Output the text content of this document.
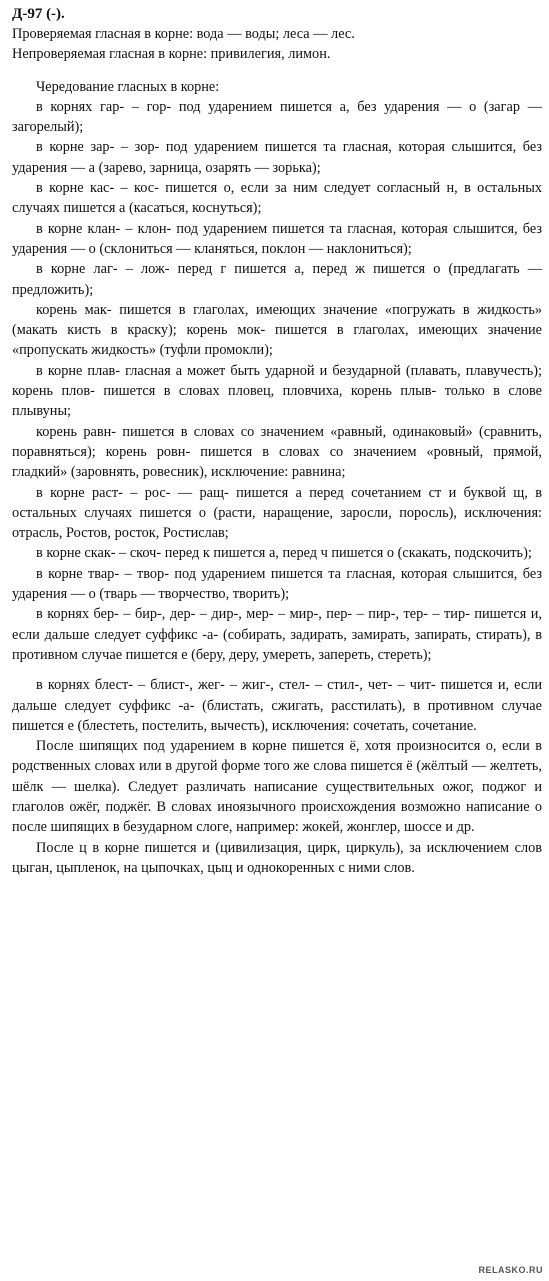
Д-97 (-).

Проверяемая гласная в корне: вода — воды; леса — лес.

Непроверяемая гласная в корне: привилегия, лимон.

Чередование гласных в корне:

в корнях гар- – гор- под ударением пишется а, без ударения — о (загар — загорелый);

в корне зар- – зор- под ударением пишется та гласная, которая слышится, без ударения — а (зарево, зарница, озарять — зорька);

в корне кас- – кос- пишется о, если за ним следует согласный н, в остальных случаях пишется а (касаться, коснуться);

в корне клан- – клон- под ударением пишется та гласная, которая слышится, без ударения — о (склониться — кланяться, поклон — наклониться);

в корне лаг- – лож- перед г пишется а, перед ж пишется о (предлагать — предложить);

корень мак- пишется в глаголах, имеющих значение «погружать в жидкость» (макать кисть в краску); корень мок- пишется в глаголах, имеющих значение «пропускать жидкость» (туфли промокли);

в корне плав- гласная а может быть ударной и безударной (плавать, плавучесть); корень плов- пишется в словах пловец, пловчиха, корень плыв- только в слове плывуны;

корень равн- пишется в словах со значением «равный, одинаковый» (сравнить, поравняться); корень ровн- пишется в словах со значением «ровный, прямой, гладкий» (заровнять, ровесник), исключение: равнина;

в корне раст- – рос- — ращ- пишется а перед сочетанием ст и буквой щ, в остальных случаях пишется о (расти, наращение, заросли, поросль), исключения: отрасль, Ростов, росток, Ростислав;

в корне скак- – скоч- перед к пишется а, перед ч пишется о (скакать, подскочить);

в корне твар- – твор- под ударением пишется та гласная, которая слышится, без ударения — о (тварь — творчество, творить);

в корнях бер- – бир-, дер- – дир-, мер- – мир-, пер- – пир-, тер- – тир- пишется и, если дальше следует суффикс -а- (собирать, задирать, замирать, запирать, стирать), в противном случае пишется е (беру, деру, умереть, запереть, стереть);

в корнях блест- – блист-, жег- – жиг-, стел- – стил-, чет- – чит- пишется и, если дальше следует суффикс -а- (блистать, сжигать, расстилать), в противном случае пишется е (блестеть, постелить, вычесть), исключения: сочетать, сочетание.

После шипящих под ударением в корне пишется ё, хотя произносится о, если в родственных словах или в другой форме того же слова пишется ё (жёлтый — желтеть, шёлк — шелка). Следует различать написание существительных ожог, поджог и глаголов ожёг, поджёг. В словах иноязычного происхождения возможно написание о после шипящих в безударном слоге, например: жокей, жонглер, шоссе и др.

После ц в корне пишется и (цивилизация, цирк, циркуль), за исключением слов цыган, цыпленок, на цыпочках, цыц и однокоренных с ними слов.

RELASKO.RU
